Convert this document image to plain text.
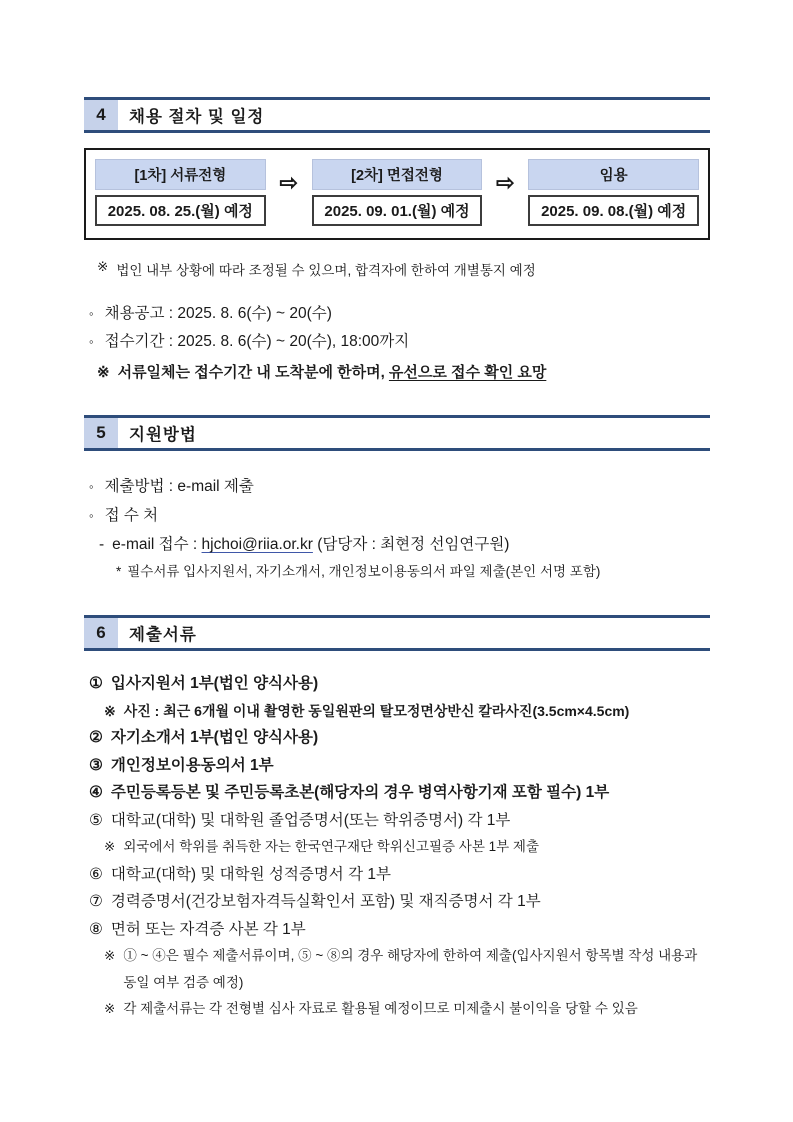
4	채용 절차 및 일정
[1차] 서류전형
2025. 08. 25.(월) 예정
⇨	[2차] 면접전형
2025. 09. 01.(월) 예정
⇨	임용
2025. 09. 08.(월) 예정
※ 법인 내부 상황에 따라 조정될 수 있으며, 합격자에 한하여 개별통지 예정
◦ 채용공고 : 2025. 8. 6(수) ~ 20(수)
◦ 접수기간 : 2025. 8. 6(수) ~ 20(수), 18:00까지
※ 서류일체는 접수기간 내 도착분에 한하며, 유선으로 접수 확인 요망
5	지원방법
◦ 제출방법 : e-mail 제출
◦ 접 수 처
- e-mail 접수 : hjchoi@riia.or.kr (담당자 : 최현정 선임연구원)
* 필수서류 입사지원서, 자기소개서, 개인정보이용동의서 파일 제출(본인 서명 포함)
6	제출서류
① 입사지원서 1부(법인 양식사용)
※ 사진 : 최근 6개월 이내 촬영한 동일원판의 탈모정면상반신 칼라사진(3.5cm×4.5cm)
② 자기소개서 1부(법인 양식사용)
③ 개인정보이용동의서 1부
④ 주민등록등본 및 주민등록초본(해당자의 경우 병역사항기재 포함 필수) 1부
⑤ 대학교(대학) 및 대학원 졸업증명서(또는 학위증명서) 각 1부
※ 외국에서 학위를 취득한 자는 한국연구재단 학위신고필증 사본 1부 제출
⑥ 대학교(대학) 및 대학원 성적증명서 각 1부
⑦ 경력증명서(건강보험자격득실확인서 포함) 및 재직증명서 각 1부
⑧ 면허 또는 자격증 사본 각 1부
※ ① ~ ④은 필수 제출서류이며, ⑤ ~ ⑧의 경우 해당자에 한하여 제출(입사지원서 항목별 작성 내용과 동일 여부 검증 예정)
※ 각 제출서류는 각 전형별 심사 자료로 활용될 예정이므로 미제출시 불이익을 당할 수 있음
